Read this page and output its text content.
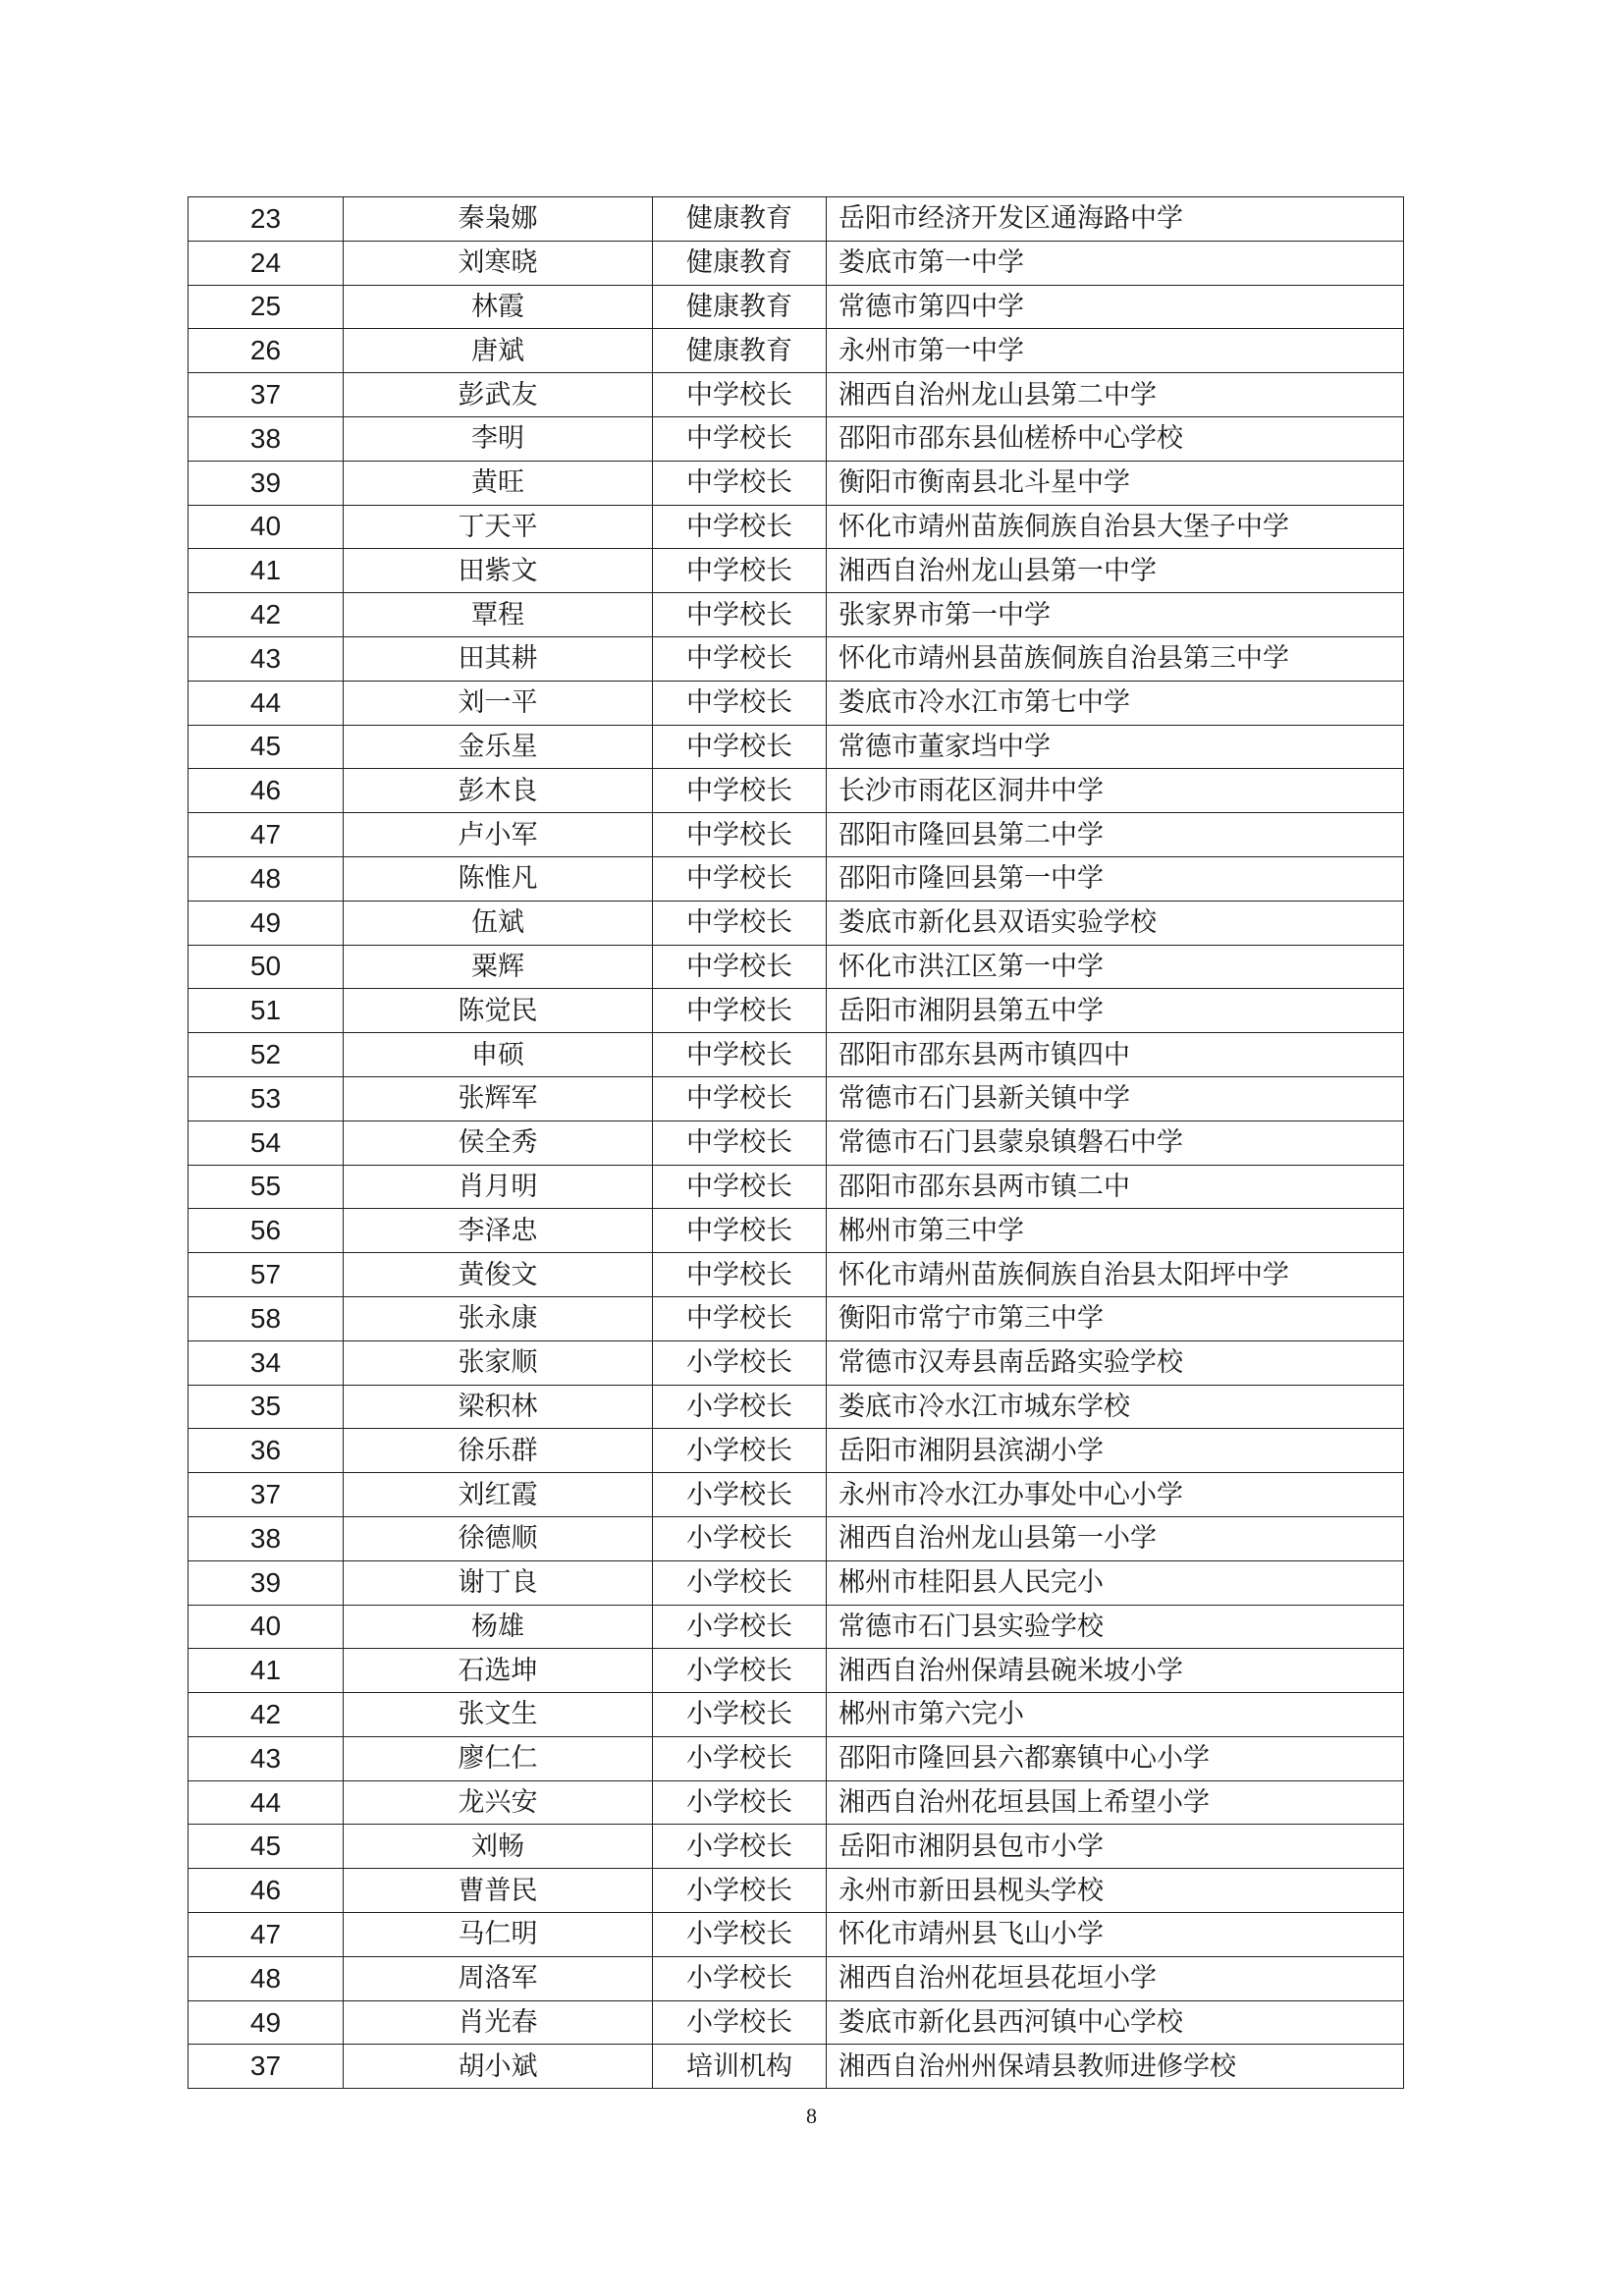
23	秦枭娜	健康教育	岳阳市经济开发区通海路中学
24	刘寒晓	健康教育	娄底市第一中学
25	林霞	健康教育	常德市第四中学
26	唐斌	健康教育	永州市第一中学
37	彭武友	中学校长	湘西自治州龙山县第二中学
38	李明	中学校长	邵阳市邵东县仙槎桥中心学校
39	黄旺	中学校长	衡阳市衡南县北斗星中学
40	丁天平	中学校长	怀化市靖州苗族侗族自治县大堡子中学
41	田紫文	中学校长	湘西自治州龙山县第一中学
42	覃程	中学校长	张家界市第一中学
43	田其耕	中学校长	怀化市靖州县苗族侗族自治县第三中学
44	刘一平	中学校长	娄底市冷水江市第七中学
45	金乐星	中学校长	常德市董家垱中学
46	彭木良	中学校长	长沙市雨花区洞井中学
47	卢小军	中学校长	邵阳市隆回县第二中学
48	陈惟凡	中学校长	邵阳市隆回县第一中学
49	伍斌	中学校长	娄底市新化县双语实验学校
50	粟辉	中学校长	怀化市洪江区第一中学
51	陈觉民	中学校长	岳阳市湘阴县第五中学
52	申硕	中学校长	邵阳市邵东县两市镇四中
53	张辉军	中学校长	常德市石门县新关镇中学
54	侯全秀	中学校长	常德市石门县蒙泉镇磐石中学
55	肖月明	中学校长	邵阳市邵东县两市镇二中
56	李泽忠	中学校长	郴州市第三中学
57	黄俊文	中学校长	怀化市靖州苗族侗族自治县太阳坪中学
58	张永康	中学校长	衡阳市常宁市第三中学
34	张家顺	小学校长	常德市汉寿县南岳路实验学校
35	梁积林	小学校长	娄底市冷水江市城东学校
36	徐乐群	小学校长	岳阳市湘阴县滨湖小学
37	刘红霞	小学校长	永州市冷水江办事处中心小学
38	徐德顺	小学校长	湘西自治州龙山县第一小学
39	谢丁良	小学校长	郴州市桂阳县人民完小
40	杨雄	小学校长	常德市石门县实验学校
41	石选坤	小学校长	湘西自治州保靖县碗米坡小学
42	张文生	小学校长	郴州市第六完小
43	廖仁仁	小学校长	邵阳市隆回县六都寨镇中心小学
44	龙兴安	小学校长	湘西自治州花垣县国上希望小学
45	刘畅	小学校长	岳阳市湘阴县包市小学
46	曹普民	小学校长	永州市新田县枧头学校
47	马仁明	小学校长	怀化市靖州县飞山小学
48	周洛军	小学校长	湘西自治州花垣县花垣小学
49	肖光春	小学校长	娄底市新化县西河镇中心学校
37	胡小斌	培训机构	湘西自治州州保靖县教师进修学校
8
